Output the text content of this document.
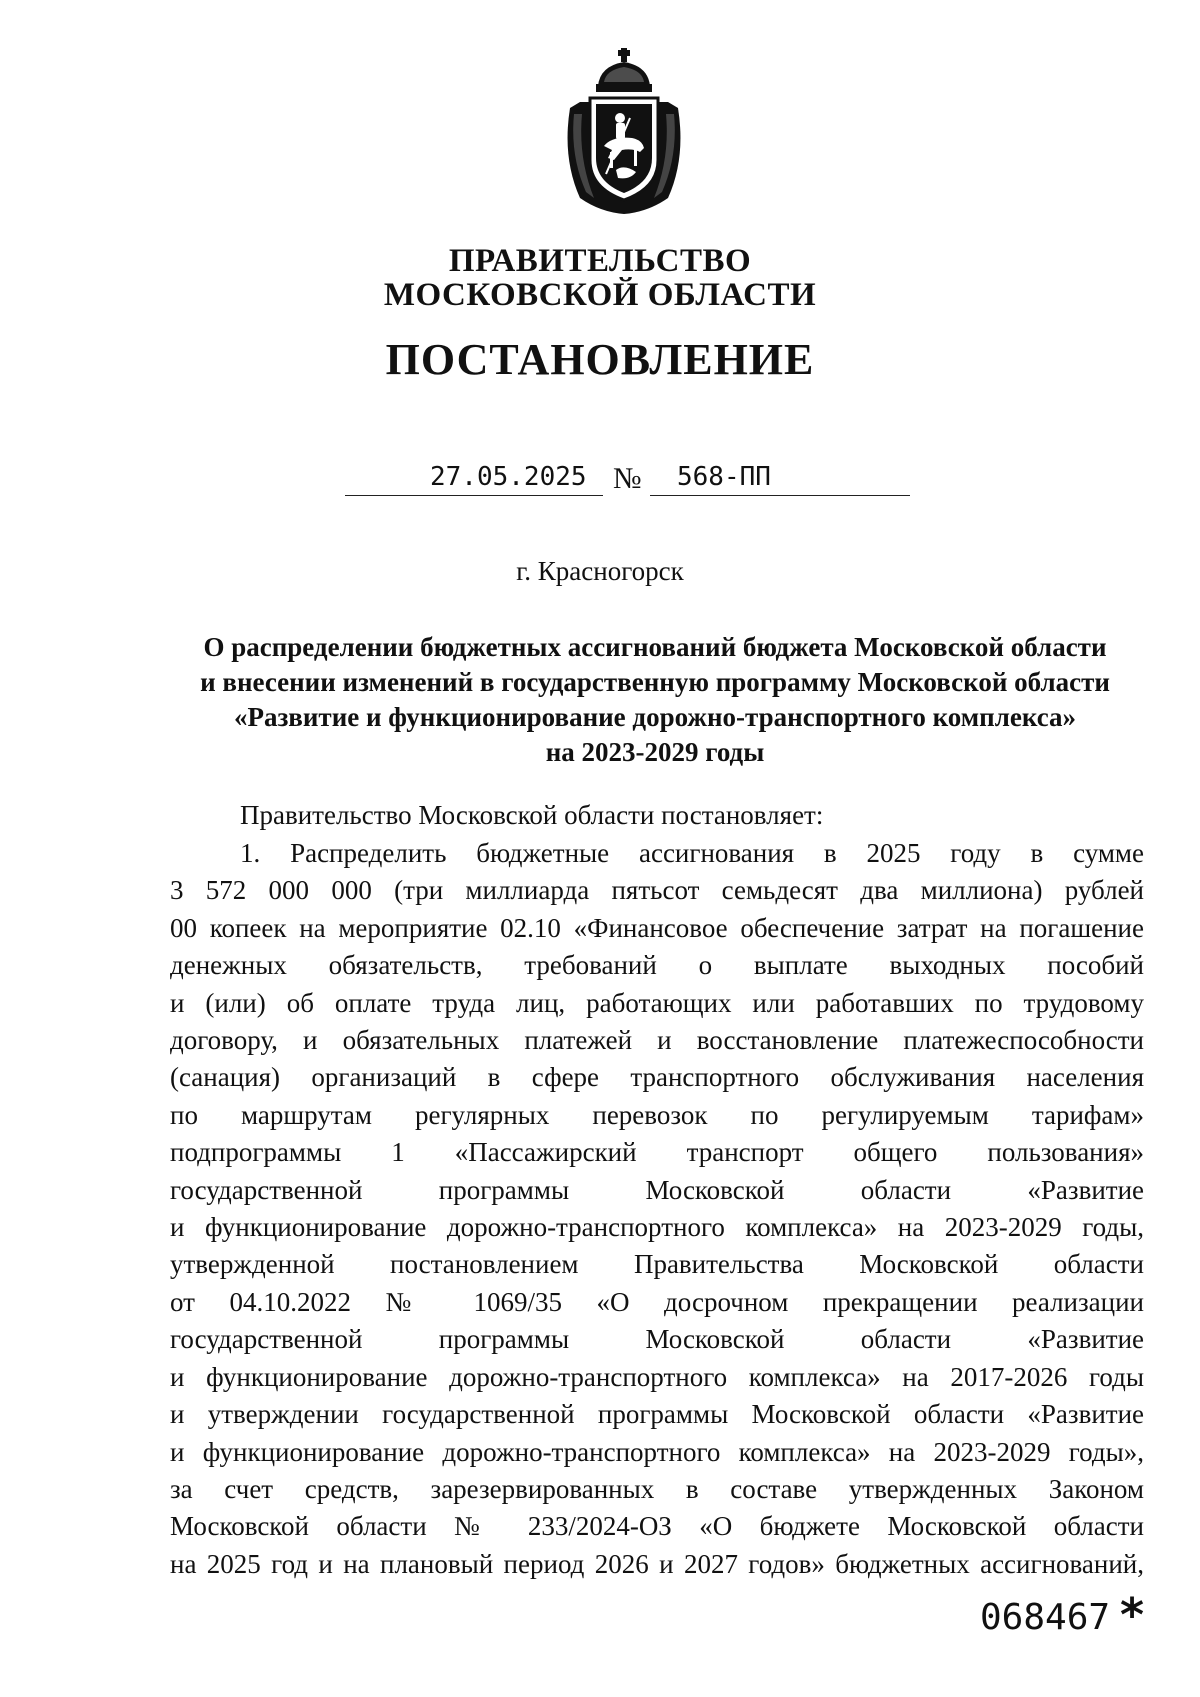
ПРАВИТЕЛЬСТВО
МОСКОВСКОЙ ОБЛАСТИ
ПОСТАНОВЛЕНИЕ
27.05.2025 № 568-ПП
г. Красногорск
О распределении бюджетных ассигнований бюджета Московской области
и внесении изменений в государственную программу Московской области
«Развитие и функционирование дорожно-транспортного комплекса»
на 2023-2029 годы
Правительство Московской области постановляет:
1. Распределить бюджетные ассигнования в 2025 году в сумме
3 572 000 000 (три миллиарда пятьсот семьдесят два миллиона) рублей
00 копеек на мероприятие 02.10 «Финансовое обеспечение затрат на погашение
денежных обязательств, требований о выплате выходных пособий
и (или) об оплате труда лиц, работающих или работавших по трудовому
договору, и обязательных платежей и восстановление платежеспособности
(санация) организаций в сфере транспортного обслуживания населения
по маршрутам регулярных перевозок по регулируемым тарифам»
подпрограммы 1 «Пассажирский транспорт общего пользования»
государственной программы Московской области «Развитие
и функционирование дорожно-транспортного комплекса» на 2023-2029 годы,
утвержденной постановлением Правительства Московской области
от 04.10.2022 № 1069/35 «О досрочном прекращении реализации
государственной программы Московской области «Развитие
и функционирование дорожно-транспортного комплекса» на 2017-2026 годы
и утверждении государственной программы Московской области «Развитие
и функционирование дорожно-транспортного комплекса» на 2023-2029 годы»,
за счет средств, зарезервированных в составе утвержденных Законом
Московской области № 233/2024-ОЗ «О бюджете Московской области
на 2025 год и на плановый период 2026 и 2027 годов» бюджетных ассигнований,
068467 *
